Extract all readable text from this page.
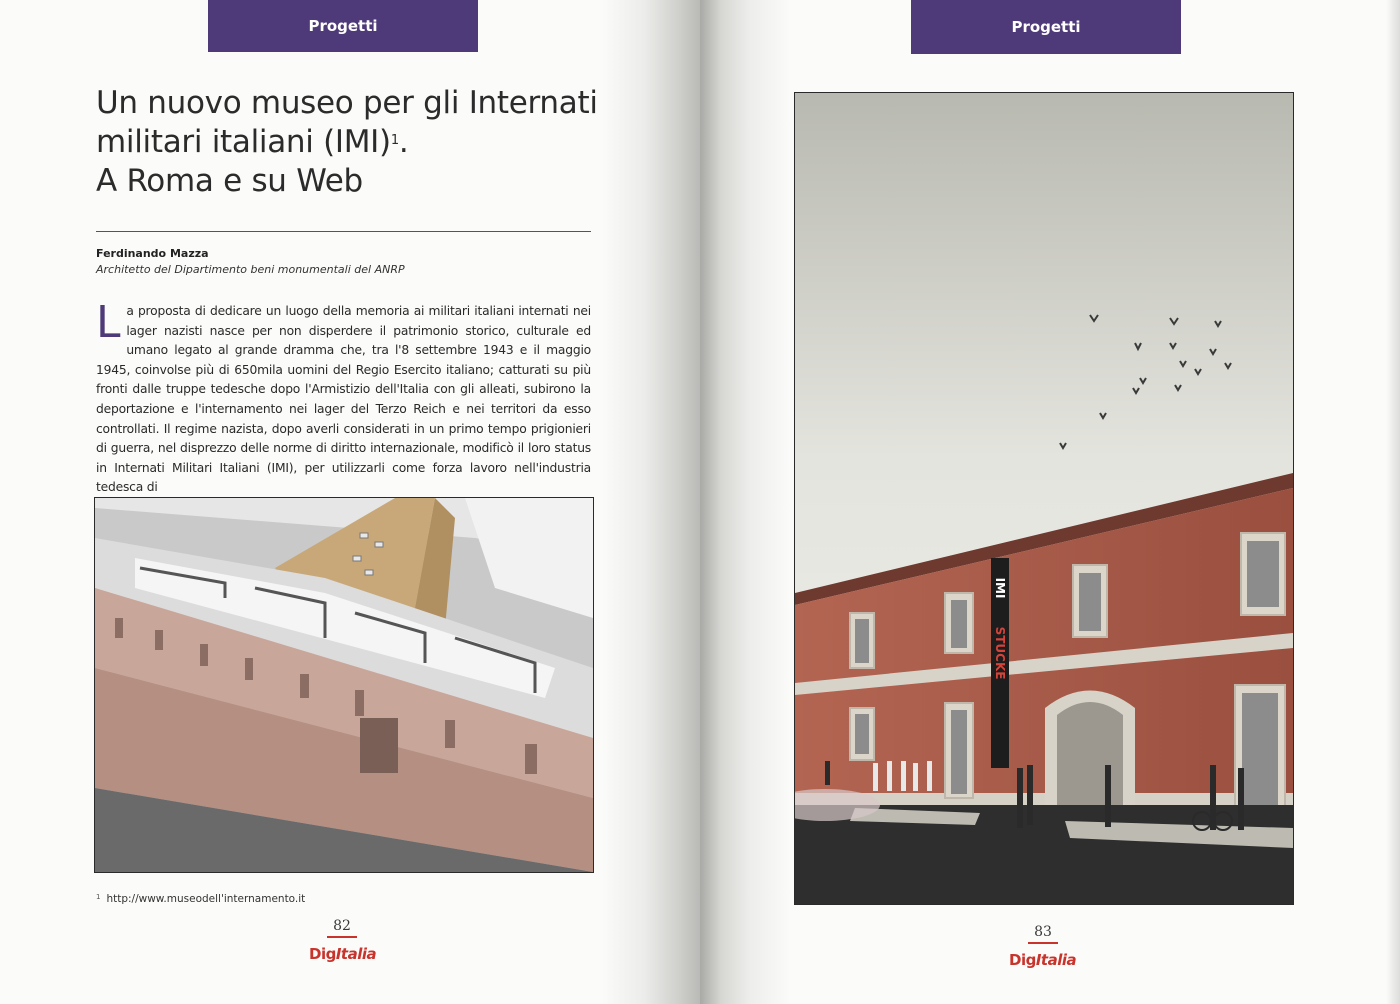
Progetti
Un nuovo museo per gli Internati
militari italiani (IMI)$^1$.
A Roma e su Web
Ferdinando Mazza
Architetto del Dipartimento beni monumentali del ANRP

La proposta di dedicare un luogo della memoria ai militari italiani internati nei lager nazisti nasce per non disperdere il patrimonio storico, culturale ed umano legato al grande dramma che, tra l'8 settembre 1943 e il maggio 1945, coinvolse più di 650mila uomini del Regio Esercito italiano; catturati su più fronti dalle truppe tedesche dopo l'Armistizio dell'Italia con gli alleati, subirono la deportazione e l'internamento nei lager del Terzo Reich e nei territori da esso controllati. Il regime nazista, dopo averli considerati in un primo tempo prigionieri di guerra, nel disprezzo delle norme di diritto internazionale, modificò il loro status in Internati Militari Italiani (IMI), per utilizzarli come forza lavoro nell'industria tedesca di

$^1$ http://www.museodell'internamento.it
82
DigItalia
Progetti
IMI
STUCKE
83
DigItalia
